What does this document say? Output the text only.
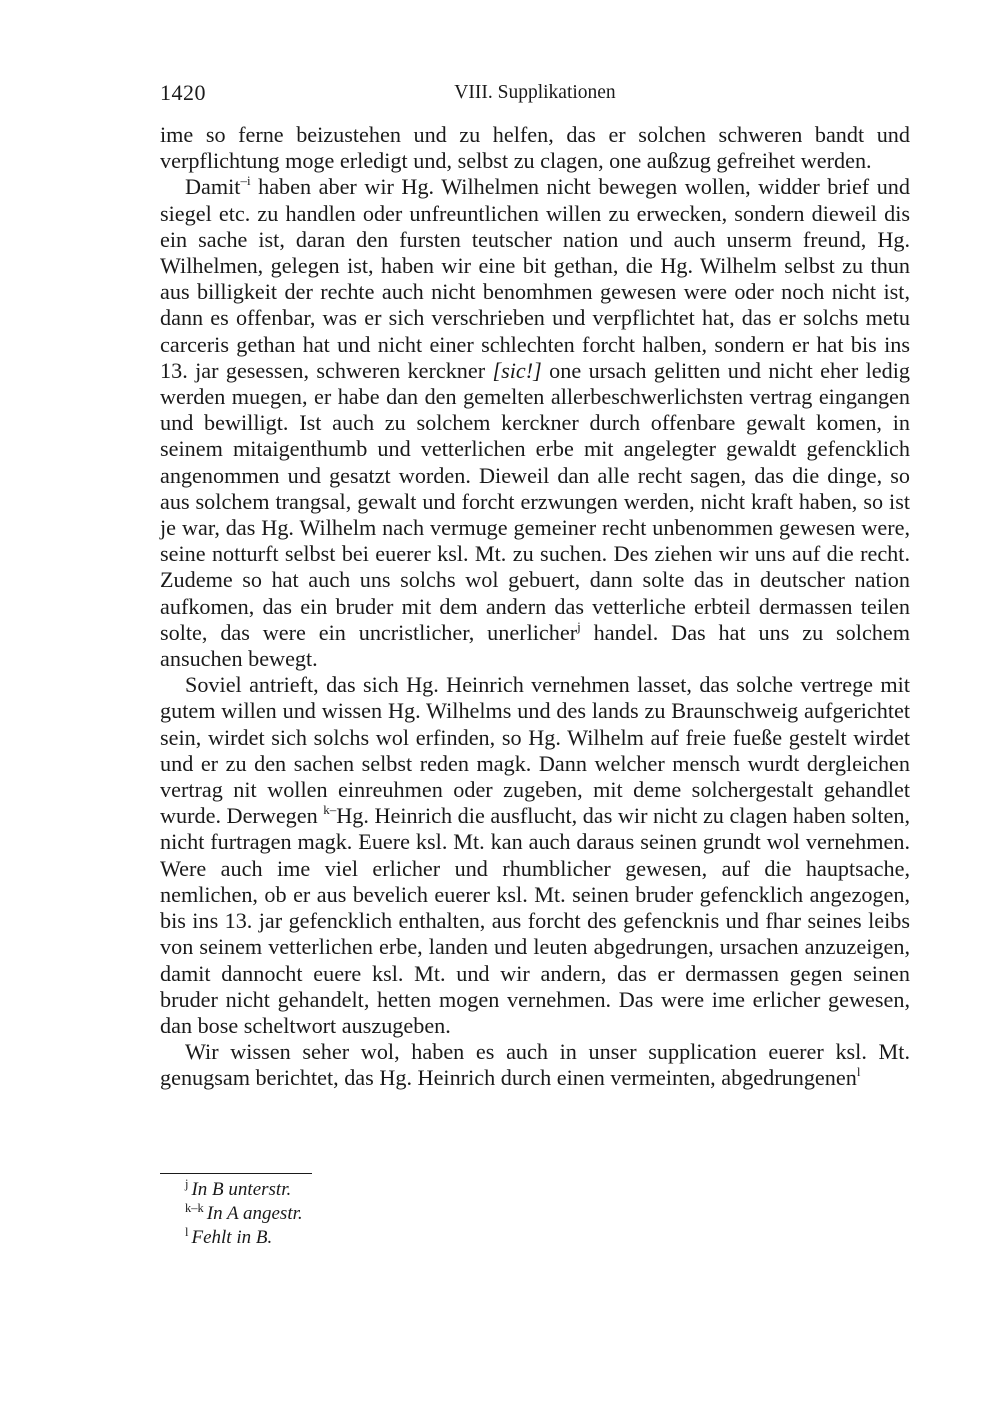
1420	VIII. Supplikationen

ime so ferne beizustehen und zu helfen, das er solchen schweren bandt und verpflichtung moge erledigt und, selbst zu clagen, one außzug gefreihet werden.

Damit$^{-i}$ haben aber wir Hg. Wilhelmen nicht bewegen wollen, widder brief und siegel etc. zu handlen oder unfreuntlichen willen zu erwecken, sondern dieweil dis ein sache ist, daran den fursten teutscher nation und auch unserm freund, Hg. Wilhelmen, gelegen ist, haben wir eine bit gethan, die Hg. Wilhelm selbst zu thun aus billigkeit der rechte auch nicht benomhmen gewesen were oder noch nicht ist, dann es offenbar, was er sich verschrieben und verpflichtet hat, das er solchs metu carceris gethan hat und nicht einer schlechten forcht halben, sondern er hat bis ins 13. jar gesessen, schweren kerckner [sic!] one ursach gelitten und nicht eher ledig werden muegen, er habe dan den gemelten allerbeschwerlichsten vertrag eingangen und bewilligt. Ist auch zu solchem kerckner durch offenbare gewalt komen, in seinem mitaigenthumb und vetterlichen erbe mit angelegter gewaldt gefencklich angenommen und gesatzt worden. Dieweil dan alle recht sagen, das die dinge, so aus solchem trangsal, gewalt und forcht erzwungen werden, nicht kraft haben, so ist je war, das Hg. Wilhelm nach vermuge gemeiner recht unbenommen gewesen were, seine notturft selbst bei euerer ksl. Mt. zu suchen. Des ziehen wir uns auf die recht. Zudeme so hat auch uns solchs wol gebuert, dann solte das in deutscher nation aufkomen, das ein bruder mit dem andern das vetterliche erbteil dermassen teilen solte, das were ein uncristlicher, unerlicher$^j$ handel. Das hat uns zu solchem ansuchen bewegt.

Soviel antrieft, das sich Hg. Heinrich vernehmen lasset, das solche vertrege mit gutem willen und wissen Hg. Wilhelms und des lands zu Braunschweig aufgerichtet sein, wirdet sich solchs wol erfinden, so Hg. Wilhelm auf freie fueße gestelt wirdet und er zu den sachen selbst reden magk. Dann welcher mensch wurdt dergleichen vertrag nit wollen einreuhmen oder zugeben, mit deme solchergestalt gehandlet wurde. Derwegen $^{k-}$Hg. Heinrich die ausflucht, das wir nicht zu clagen haben solten, nicht furtragen magk. Euere ksl. Mt. kan auch daraus seinen grundt wol vernehmen. Were auch ime viel erlicher und rhumblicher gewesen, auf die hauptsache, nemlichen, ob er aus bevelich euerer ksl. Mt. seinen bruder gefencklich angezogen, bis ins 13. jar gefencklich enthalten, aus forcht des gefencknis und fhar seines leibs von seinem vetterlichen erbe, landen und leuten abgedrungen, ursachen anzuzeigen, damit dannocht euere ksl. Mt. und wir andern, das er dermassen gegen seinen bruder nicht gehandelt, hetten mogen vernehmen. Das were ime erlicher gewesen, dan bose scheltwort auszugeben.

Wir wissen seher wol, haben es auch in unser supplication euerer ksl. Mt. genugsam berichtet, das Hg. Heinrich durch einen vermeinten, abgedrungenen$^l$

$^j$ In B unterstr.
$^{k-k}$ In A angestr.
$^l$ Fehlt in B.
